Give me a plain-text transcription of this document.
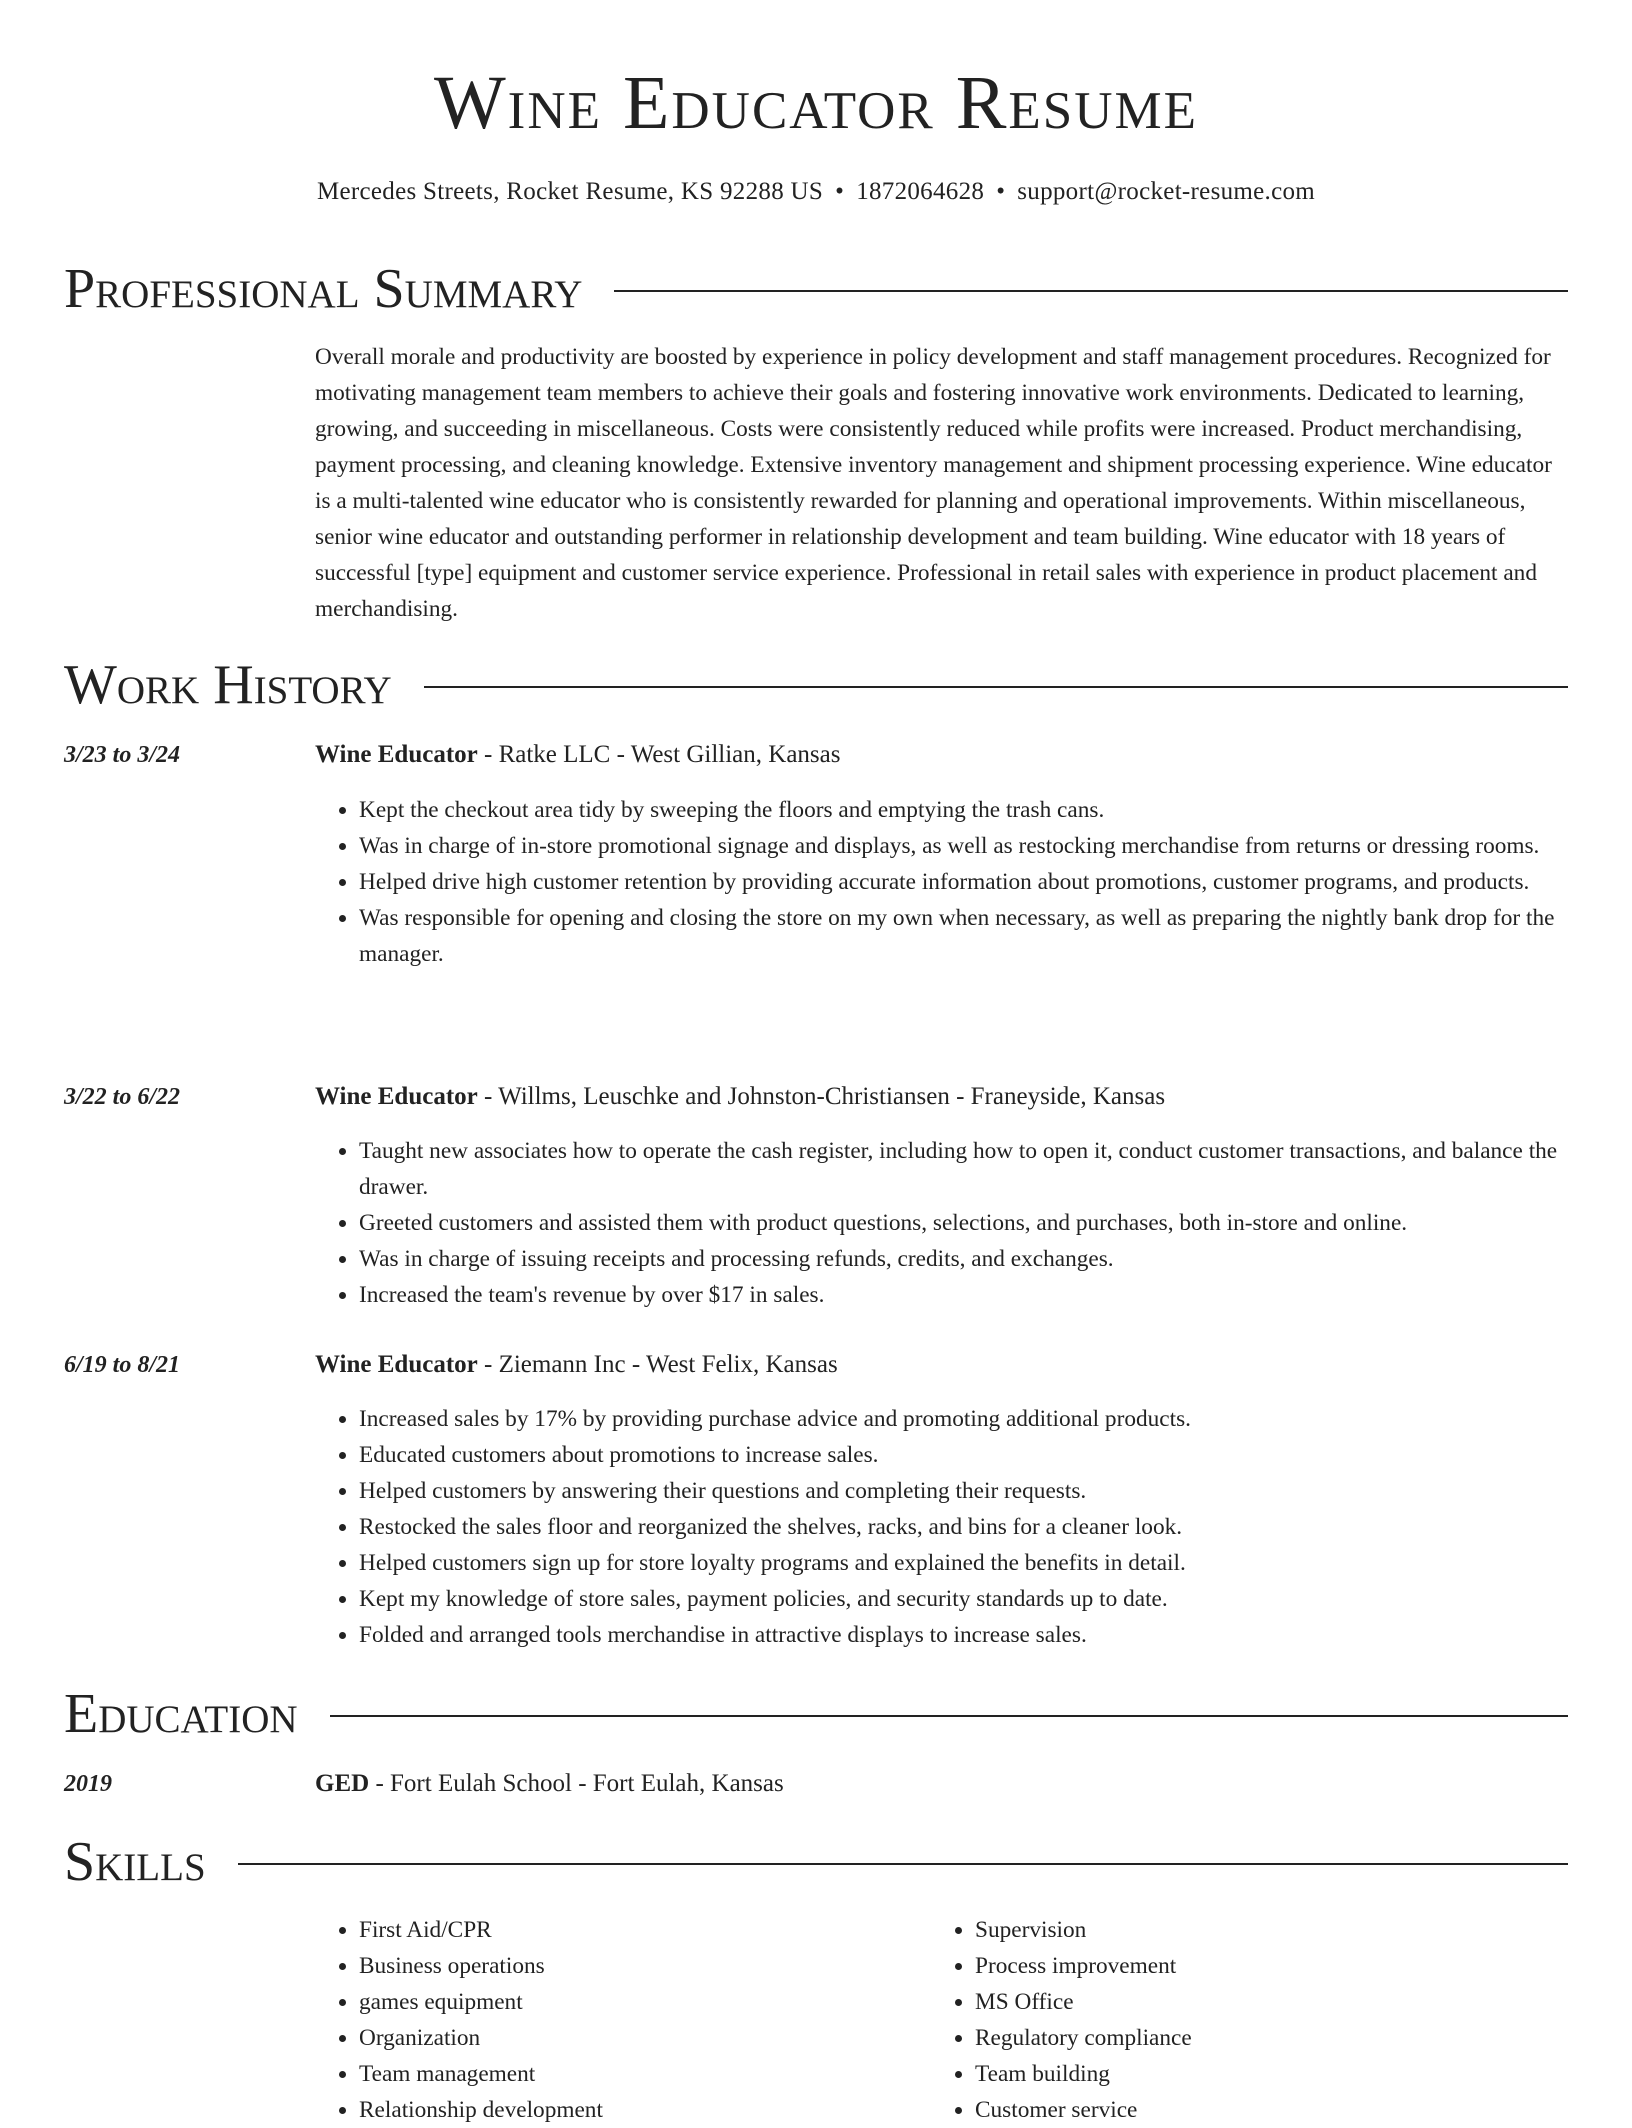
Wine Educator Resume
Mercedes Streets, Rocket Resume, KS 92288 US • 1872064628 • support@rocket-resume.com
Professional Summary

Overall morale and productivity are boosted by experience in policy development and staff management procedures. Recognized for motivating management team members to achieve their goals and fostering innovative work environments. Dedicated to learning, growing, and succeeding in miscellaneous. Costs were consistently reduced while profits were increased. Product merchandising, payment processing, and cleaning knowledge. Extensive inventory management and shipment processing experience. Wine educator is a multi-talented wine educator who is consistently rewarded for planning and operational improvements. Within miscellaneous, senior wine educator and outstanding performer in relationship development and team building. Wine educator with 18 years of successful [type] equipment and customer service experience. Professional in retail sales with experience in product placement and merchandising.

Work History
3/23 to 3/24	Wine Educator - Ratke LLC - West Gillian, Kansas
• Kept the checkout area tidy by sweeping the floors and emptying the trash cans.
• Was in charge of in-store promotional signage and displays, as well as restocking merchandise from returns or dressing rooms.
• Helped drive high customer retention by providing accurate information about promotions, customer programs, and products.
• Was responsible for opening and closing the store on my own when necessary, as well as preparing the nightly bank drop for the manager.
3/22 to 6/22	Wine Educator - Willms, Leuschke and Johnston-Christiansen - Franeyside, Kansas
• Taught new associates how to operate the cash register, including how to open it, conduct customer transactions, and balance the drawer.
• Greeted customers and assisted them with product questions, selections, and purchases, both in-store and online.
• Was in charge of issuing receipts and processing refunds, credits, and exchanges.
• Increased the team's revenue by over $17 in sales.
6/19 to 8/21	Wine Educator - Ziemann Inc - West Felix, Kansas
• Increased sales by 17% by providing purchase advice and promoting additional products.
• Educated customers about promotions to increase sales.
• Helped customers by answering their questions and completing their requests.
• Restocked the sales floor and reorganized the shelves, racks, and bins for a cleaner look.
• Helped customers sign up for store loyalty programs and explained the benefits in detail.
• Kept my knowledge of store sales, payment policies, and security standards up to date.
• Folded and arranged tools merchandise in attractive displays to increase sales.
Education
2019	GED - Fort Eulah School - Fort Eulah, Kansas
Skills
• First Aid/CPR
• Business operations
• games equipment
• Organization
• Team management
• Relationship development
• Supervision
• Process improvement
• MS Office
• Regulatory compliance
• Team building
• Customer service
